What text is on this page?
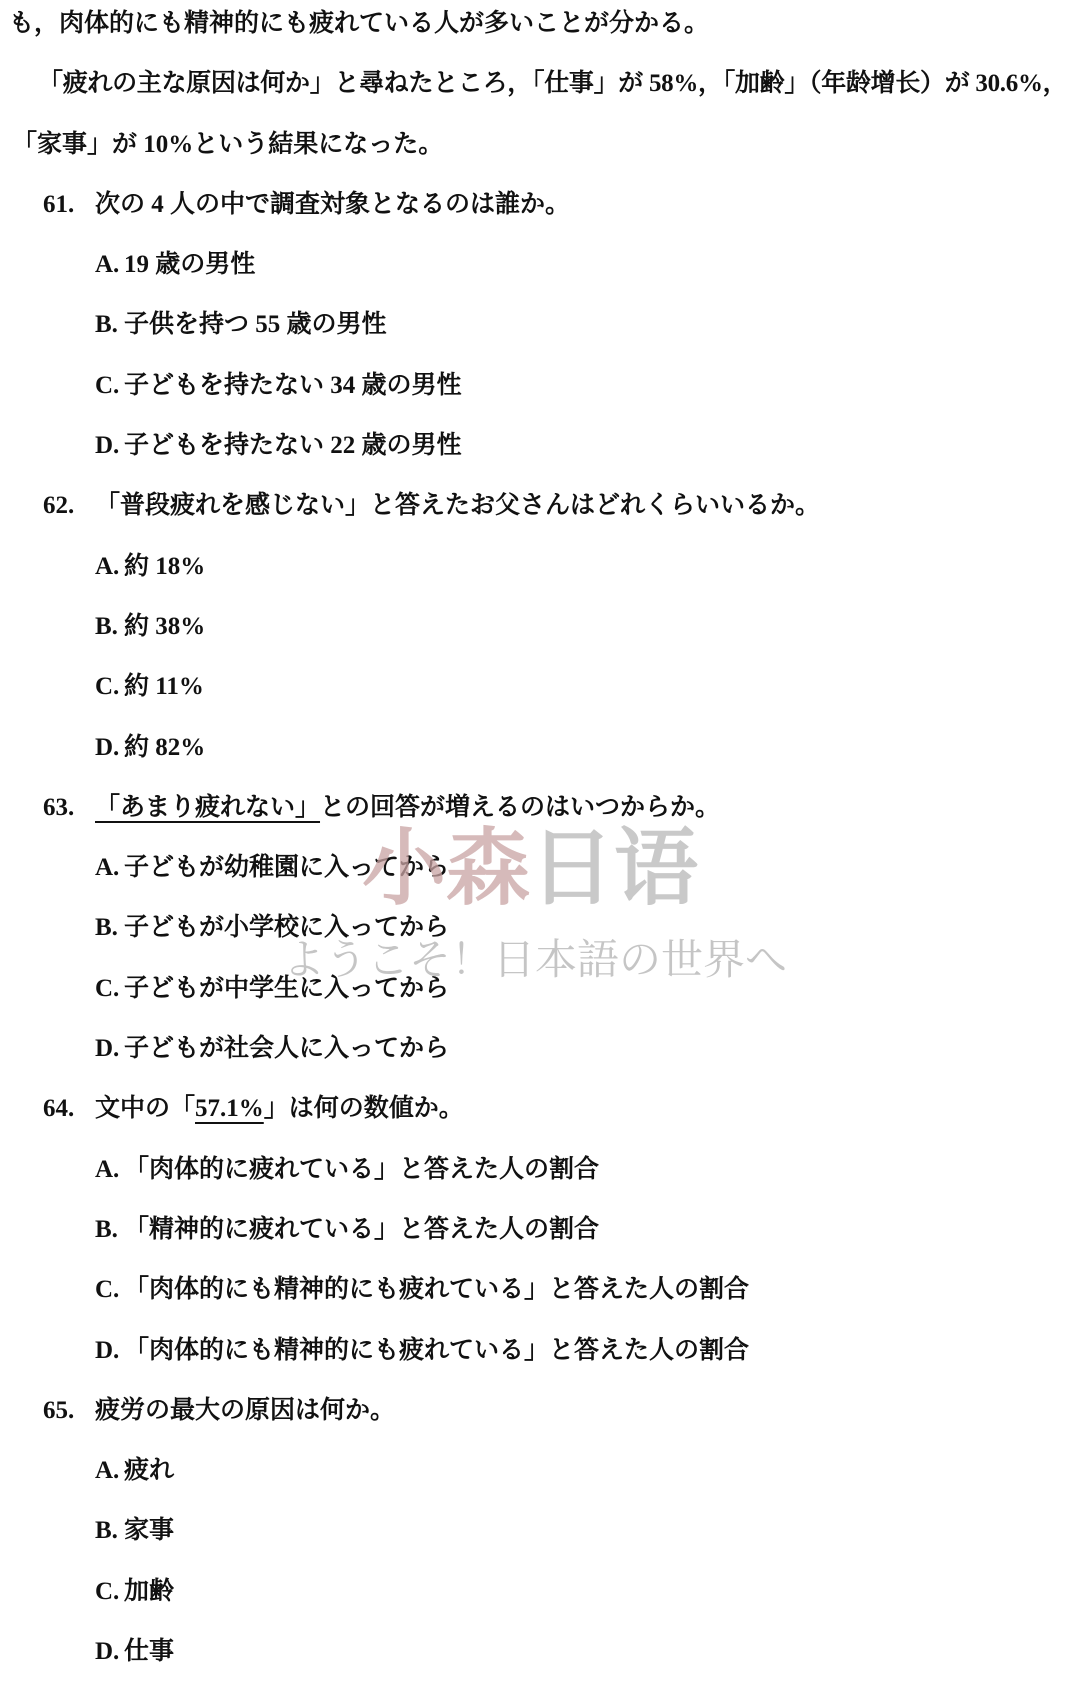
も，肉体的にも精神的にも疲れている人が多いことが分かる。
「疲れの主な原因は何か」と尋ねたところ，「仕事」が 58%，「加齢」（年龄增长）が 30.6%，
「家事」が 10%という結果になった。
61. 次の 4 人の中で調査対象となるのは誰か。
A. 19 歳の男性
B. 子供を持つ 55 歳の男性
C. 子どもを持たない 34 歳の男性
D. 子どもを持たない 22 歳の男性
62. 「普段疲れを感じない」と答えたお父さんはどれくらいいるか。
A. 約 18%
B. 約 38%
C. 約 11%
D. 約 82%
63. 「あまり疲れない」との回答が増えるのはいつからか。
A. 子どもが幼稚園に入ってから
B. 子どもが小学校に入ってから
C. 子どもが中学生に入ってから
D. 子どもが社会人に入ってから
64. 文中の「57.1%」は何の数値か。
A. 「肉体的に疲れている」と答えた人の割合
B. 「精神的に疲れている」と答えた人の割合
C. 「肉体的にも精神的にも疲れている」と答えた人の割合
D. 「肉体的にも精神的にも疲れている」と答えた人の割合
65. 疲労の最大の原因は何か。
A. 疲れ
B. 家事
C. 加齢
D. 仕事
小森日语
ようこそ！日本語の世界へ
